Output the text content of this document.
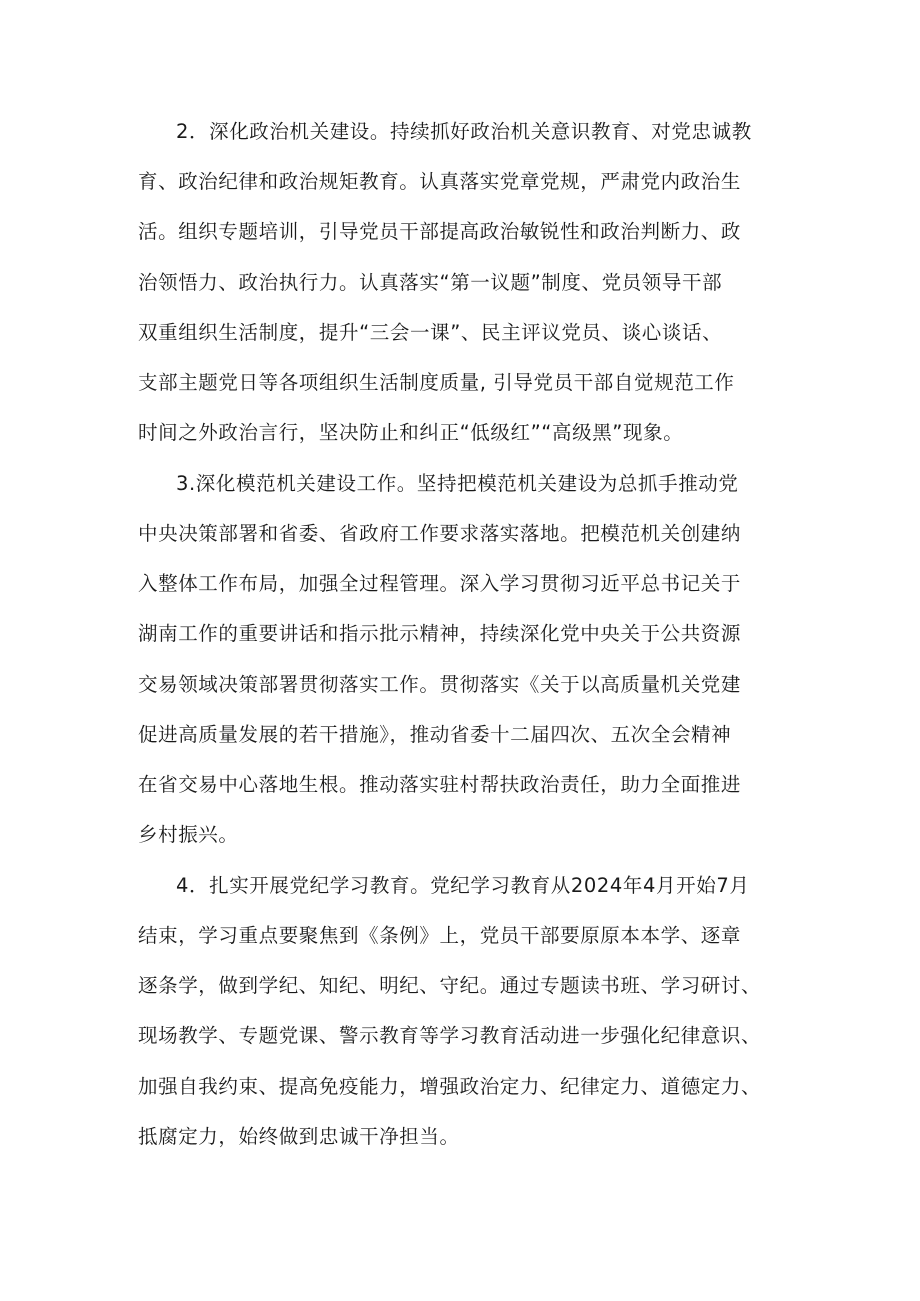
2．深化政治机关建设。持续抓好政治机关意识教育、对党忠诚教
育、政治纪律和政治规矩教育。认真落实党章党规，严肃党内政治生
活。组织专题培训，引导党员干部提高政治敏锐性和政治判断力、政
治领悟力、政治执行力。认真落实“第一议题”制度、党员领导干部
双重组织生活制度，提升“三会一课”、民主评议党员、谈心谈话、
支部主题党日等各项组织生活制度质量, 引导党员干部自觉规范工作
时间之外政治言行，坚决防止和纠正“低级红”“高级黑”现象。
3.深化模范机关建设工作。坚持把模范机关建设为总抓手推动党
中央决策部署和省委、省政府工作要求落实落地。把模范机关创建纳
入整体工作布局，加强全过程管理。深入学习贯彻习近平总书记关于
湖南工作的重要讲话和指示批示精神，持续深化党中央关于公共资源
交易领域决策部署贯彻落实工作。贯彻落实《关于以高质量机关党建
促进高质量发展的若干措施》，推动省委十二届四次、五次全会精神
在省交易中心落地生根。推动落实驻村帮扶政治责任，助力全面推进
乡村振兴。
4．扎实开展党纪学习教育。党纪学习教育从2024年4月开始7月
结束，学习重点要聚焦到《条例》上，党员干部要原原本本学、逐章
逐条学，做到学纪、知纪、明纪、守纪。通过专题读书班、学习研讨、
现场教学、专题党课、警示教育等学习教育活动进一步强化纪律意识、
加强自我约束、提高免疫能力，增强政治定力、纪律定力、道德定力、
抵腐定力，始终做到忠诚干净担当。
